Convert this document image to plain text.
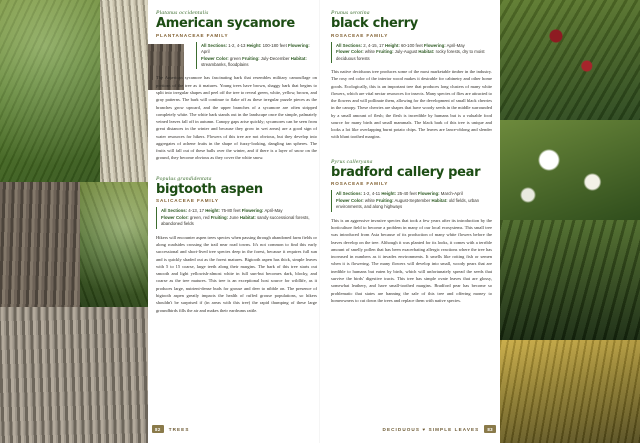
Platanus occidentalis
American sycamore
PLANTANACEAE FAMILY
All Sections: 1-2, 4-13 Height: 100-180 feet Flowering: April
Flower Color: green Fruiting: July-December Habitat: streambanks, floodplains

The American sycamore has fascinating bark that resembles military camouflage on portions of the tree as it matures. Young trees have brown, shaggy bark that begins to split into irregular shapes and peel off the tree to reveal green, white, yellow, brown, and gray patterns. The bark will continue to flake off as these irregular puzzle pieces as the branches grow upward, and the upper branches of a sycamore are often stripped completely white. The white bark stands out in the landscape once the simple, palmately veined leaves fall off in autumn. Canopy gaps arise quickly; sycamores can be seen from great distances in the winter and because they grow in wet areas) are a good sign of water resources for hikers. Flowers of this tree are not obvious, but they develop into aggregates of achene fruits in the shape of fuzzy-looking, dangling tan spheres. The fruits will fall out of these balls over the winter, and if there is a layer of snow on the ground, they become obvious as they cover the white snow.

Populus grandidentata
bigtooth aspen
SALICACEAE FAMILY
All Sections: 4-13, 17 Height: 75-80 feet Flowering: April-May
Flower Color: green, red Fruiting: June Habitat: sandy successional forests, abandoned fields

Hikers will encounter aspen trees species when passing through abandoned farm fields or along roadsides crossing the trail near road towns. It's not common to find this early successional and short-lived tree species deep in the forest, because it requires full sun and is quickly shaded out as the forest matures. Bigtooth aspen has thick, simple leaves with 5 to 15 coarse, large teeth along their margins. The bark of this tree starts out smooth and light yellowish-almost white in full sun-but becomes dark, blocky, and coarse as the tree matures. This tree is an exceptional host source for wildlife, as it produces large, nutrient-dense buds for grouse and deer to nibble on. The presence of bigtooth aspen greatly impacts the health of ruffed grouse populations, so hikers shouldn't be surprised if (in areas with this tree) the rapid thumping of these large groundbirds fills the air and makes their eardrums rattle.

Prunus serotina
black cherry
ROSACEAE FAMILY
All Sections: 2, 4-15, 17 Height: 60-100 feet Flowering: April-May
Flower Color: white Fruiting: July-August Habitat: rocky forests, dry to moist deciduous forests

This native deciduous tree produces some of the most marketable timber in the industry. The rosy red color of the interior wood makes it desirable for cabinetry and other home goods. Ecologically, this is an important tree that produces long clusters of many white flowers, which are vital nectar resources for insects. Many species of flies are attracted to the flowers and will pollinate them, allowing for the development of small black cherries in the canopy. These cherries are shapes that have woody seeds in the middle surrounded by a small amount of flesh; the flesh is incredible by humans but is a valuable food source for many birds and small mammals. The black bark of this tree is unique and looks a lot like overlapping burnt potato chips. The leaves are lance-oblong and slender with blunt toothed margins.

Pyrus calleryana
bradford callery pear
ROSACEAE FAMILY
All Sections: 1-2, 4-11 Height: 25-40 feet Flowering: March-April
Flower Color: white Fruiting: August-September Habitat: old fields, urban environments, and along highways

This is an aggressive invasive species that took a few years after its introduction by the horticulture field to become a problem in many of our local ecosystems. This small tree was introduced from Asia because of its production of many white flowers before the leaves develop on the tree. Although it was planted for its looks, it comes with a terrible amount of smelly pollen that has been exacerbating allergic reactions where the tree has increased in numbers as it invades environments. It smells like rotting fish or semen when it is flowering. The many flowers will develop into small, woody pears that are inedible to humans but eaten by birds, which will unfortunately spread the seeds that survive the birds' digestive tracts. This tree has simple ovate leaves that are glossy, somewhat leathery, and have small-toothed margins. Bradford pear has become so problematic that states are banning the sale of this tree and offering money to homeowners to cut down the trees and replace them with native species.

82	TREES	DECIDUOUS ♥ SIMPLE LEAVES	83
